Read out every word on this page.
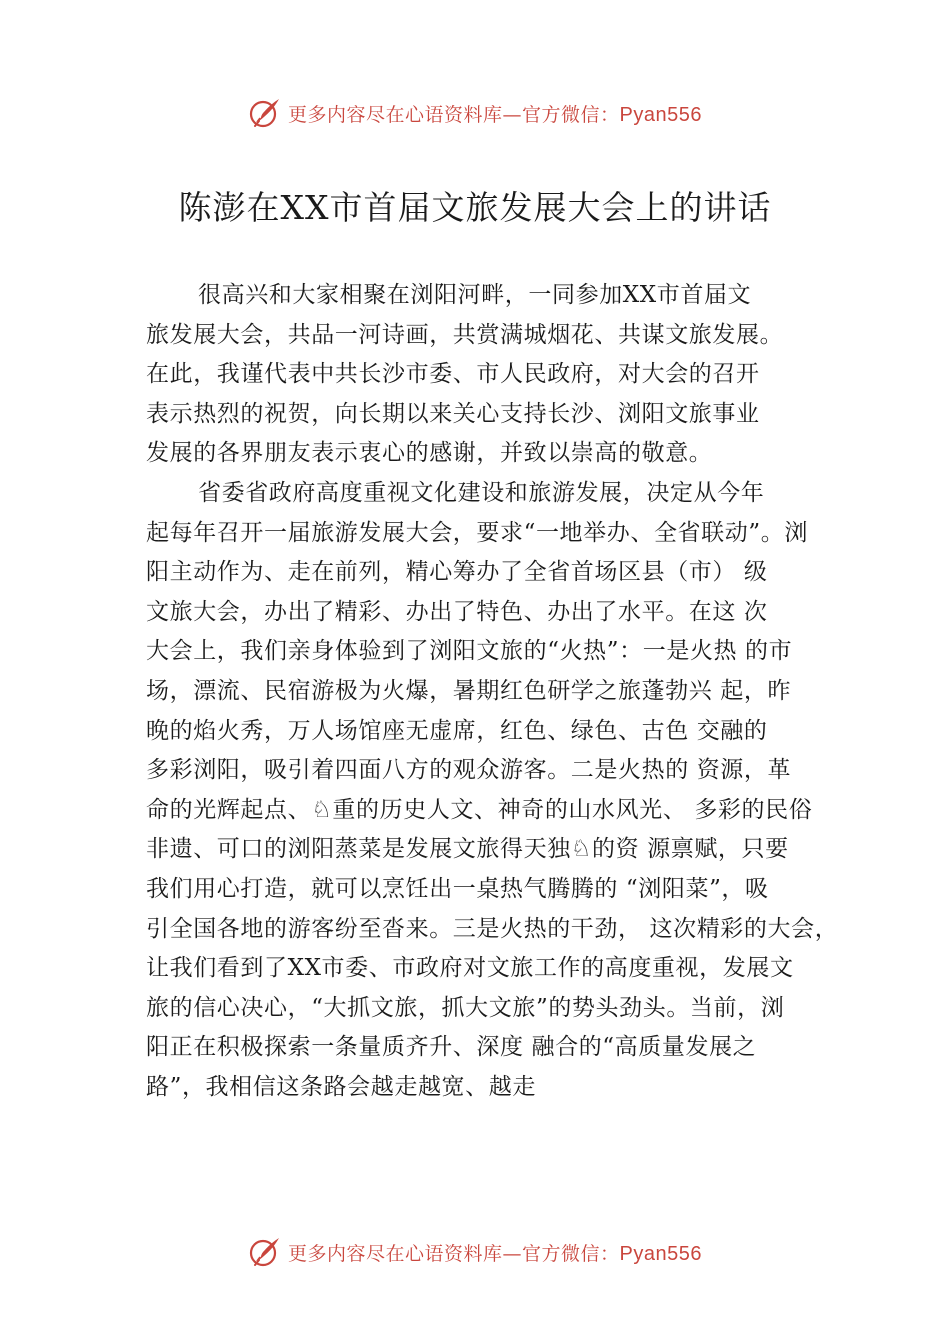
更多内容尽在心语资料库—官方微信：Pyan556
陈澎在XX市首届文旅发展大会上的讲话
很高兴和大家相聚在浏阳河畔，一同参加XX市首届文
旅发展大会，共品一河诗画，共赏满城烟花、共谋文旅发展。
在此，我谨代表中共长沙市委、市人民政府，对大会的召开
表示热烈的祝贺，向长期以来关心支持长沙、浏阳文旅事业
发展的各界朋友表示衷心的感谢，并致以崇高的敬意。
省委省政府高度重视文化建设和旅游发展，决定从今年
起每年召开一届旅游发展大会，要求“一地举办、全省联动”。浏
阳主动作为、走在前列，精心筹办了全省首场区县（市） 级
文旅大会，办出了精彩、办出了特色、办出了水平。在这 次
大会上，我们亲身体验到了浏阳文旅的“火热”：一是火热 的市
场，漂流、民宿游极为火爆，暑期红色研学之旅蓬勃兴 起，昨
晚的焰火秀，万人场馆座无虚席，红色、绿色、古色 交融的
多彩浏阳，吸引着四面八方的观众游客。二是火热的 资源，革
命的光辉起点、♘重的历史人文、神奇的山水风光、 多彩的民俗
非遗、可口的浏阳蒸菜是发展文旅得天独♘的资 源禀赋，只要
我们用心打造，就可以烹饪出一桌热气腾腾的 “浏阳菜”，吸
引全国各地的游客纷至沓来。三是火热的干劲， 这次精彩的大会，
让我们看到了XX市委、市政府对文旅工作的高度重视，发展文
旅的信心决心，“大抓文旅，抓大文旅”的势头劲头。当前，浏
阳正在积极探索一条量质齐升、深度 融合的“高质量发展之
路”，我相信这条路会越走越宽、越走
更多内容尽在心语资料库—官方微信：Pyan556
